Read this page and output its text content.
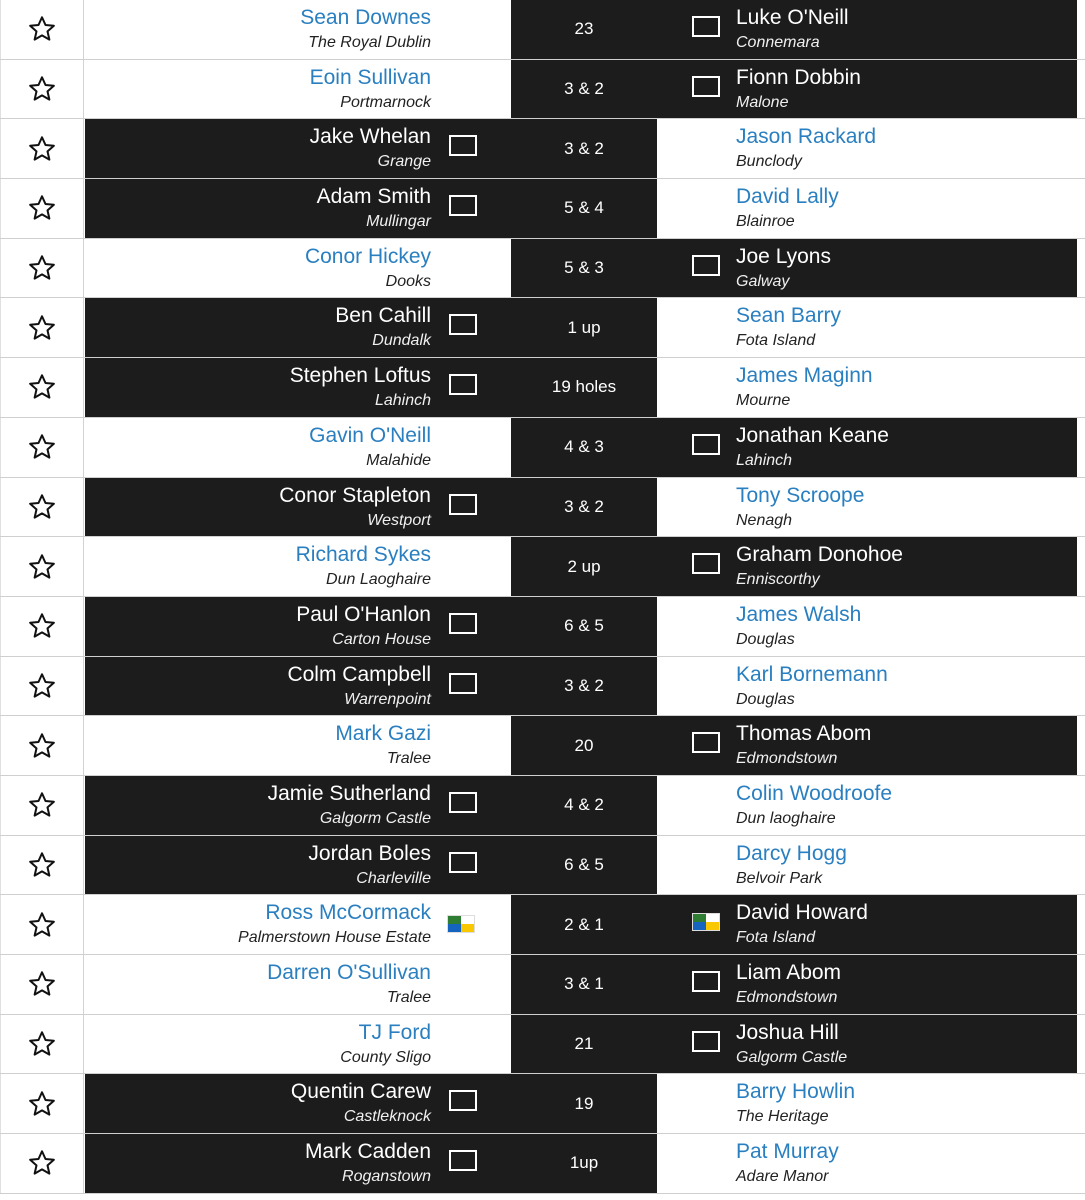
Sean Downes
The Royal Dublin
Luke O'Neill
Connemara
23
Eoin Sullivan
Portmarnock
Fionn Dobbin
Malone
3 & 2
Jake Whelan
Grange
Jason Rackard
Bunclody
3 & 2
Adam Smith
Mullingar
David Lally
Blainroe
5 & 4
Conor Hickey
Dooks
Joe Lyons
Galway
5 & 3
Ben Cahill
Dundalk
Sean Barry
Fota Island
1 up
Stephen Loftus
Lahinch
James Maginn
Mourne
19 holes
Gavin O'Neill
Malahide
Jonathan Keane
Lahinch
4 & 3
Conor Stapleton
Westport
Tony Scroope
Nenagh
3 & 2
Richard Sykes
Dun Laoghaire
Graham Donohoe
Enniscorthy
2 up
Paul O'Hanlon
Carton House
James Walsh
Douglas
6 & 5
Colm Campbell
Warrenpoint
Karl Bornemann
Douglas
3 & 2
Mark Gazi
Tralee
Thomas Abom
Edmondstown
20
Jamie Sutherland
Galgorm Castle
Colin Woodroofe
Dun laoghaire
4 & 2
Jordan Boles
Charleville
Darcy Hogg
Belvoir Park
6 & 5
Ross McCormack
Palmerstown House Estate
David Howard
Fota Island
2 & 1
Darren O'Sullivan
Tralee
Liam Abom
Edmondstown
3 & 1
TJ Ford
County Sligo
Joshua Hill
Galgorm Castle
21
Quentin Carew
Castleknock
Barry Howlin
The Heritage
19
Mark Cadden
Roganstown
Pat Murray
Adare Manor
1up
